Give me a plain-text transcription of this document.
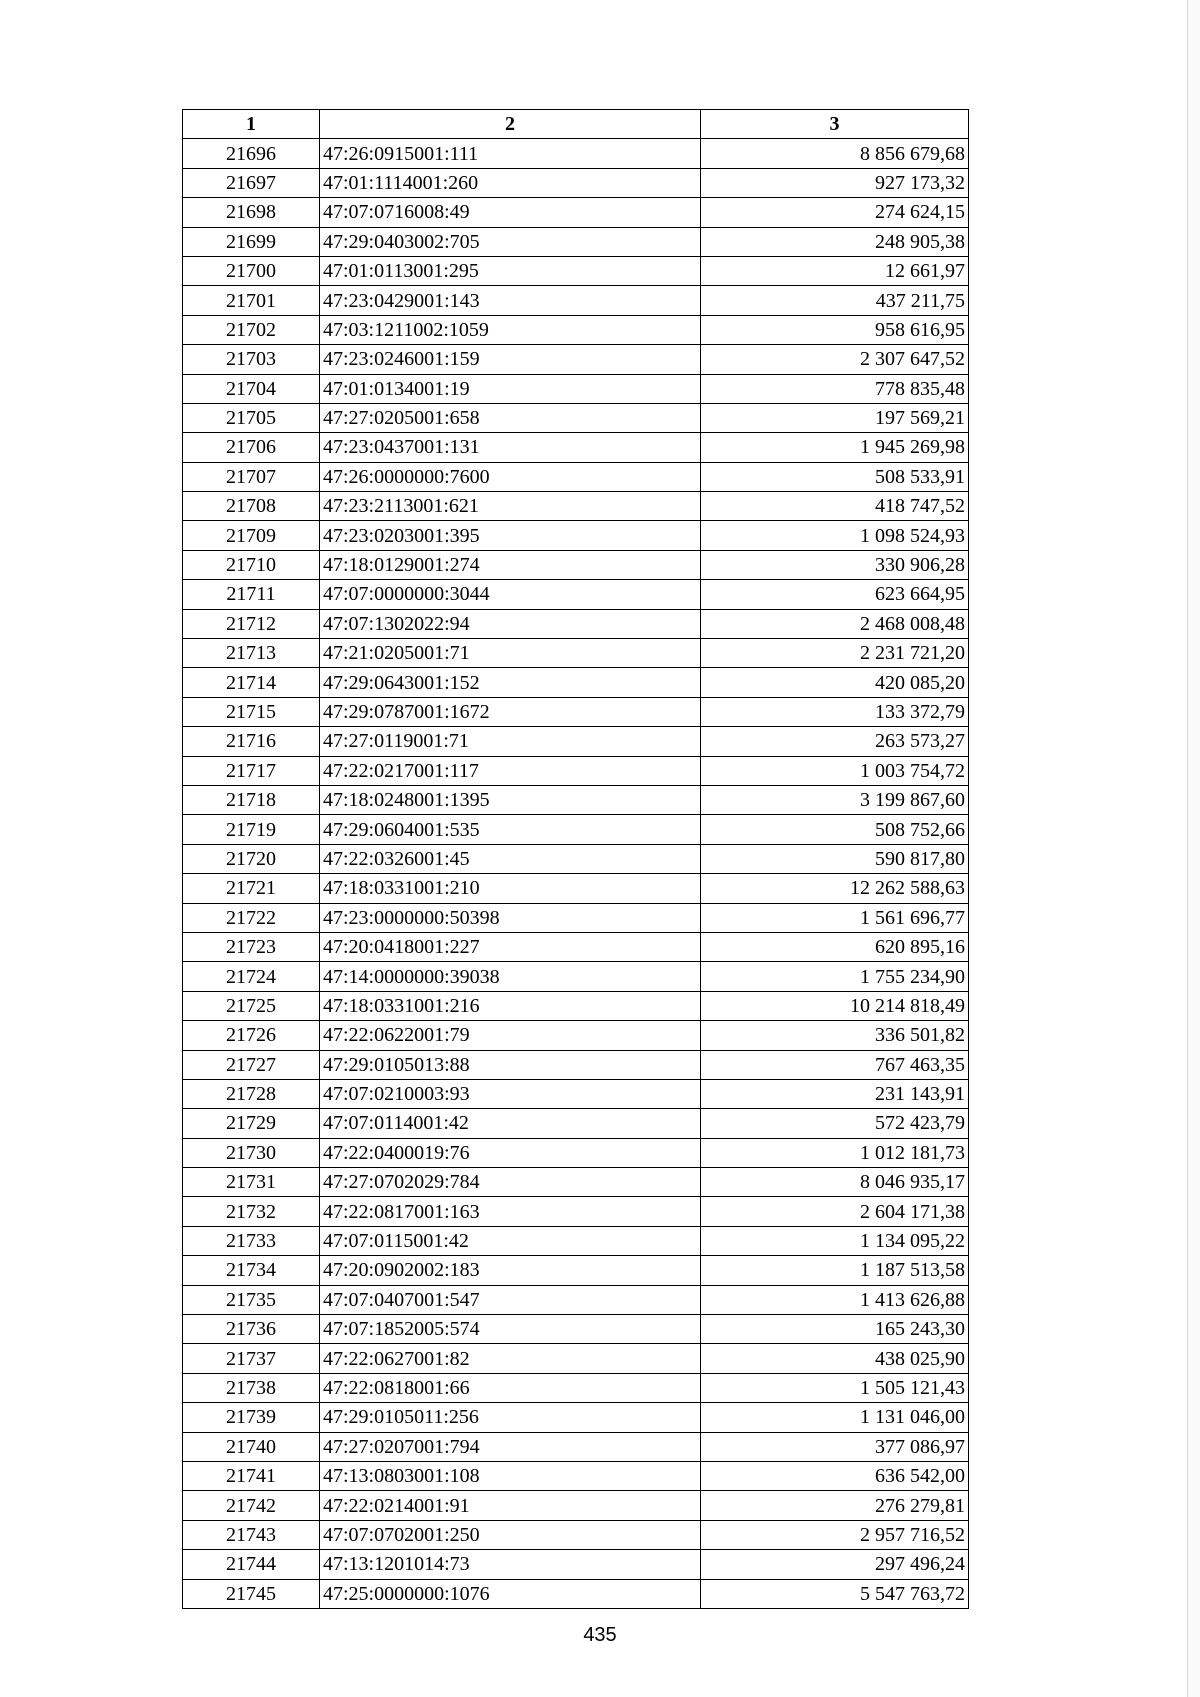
1	2	3
21696	47:26:0915001:111	8 856 679,68
21697	47:01:1114001:260	927 173,32
21698	47:07:0716008:49	274 624,15
21699	47:29:0403002:705	248 905,38
21700	47:01:0113001:295	12 661,97
21701	47:23:0429001:143	437 211,75
21702	47:03:1211002:1059	958 616,95
21703	47:23:0246001:159	2 307 647,52
21704	47:01:0134001:19	778 835,48
21705	47:27:0205001:658	197 569,21
21706	47:23:0437001:131	1 945 269,98
21707	47:26:0000000:7600	508 533,91
21708	47:23:2113001:621	418 747,52
21709	47:23:0203001:395	1 098 524,93
21710	47:18:0129001:274	330 906,28
21711	47:07:0000000:3044	623 664,95
21712	47:07:1302022:94	2 468 008,48
21713	47:21:0205001:71	2 231 721,20
21714	47:29:0643001:152	420 085,20
21715	47:29:0787001:1672	133 372,79
21716	47:27:0119001:71	263 573,27
21717	47:22:0217001:117	1 003 754,72
21718	47:18:0248001:1395	3 199 867,60
21719	47:29:0604001:535	508 752,66
21720	47:22:0326001:45	590 817,80
21721	47:18:0331001:210	12 262 588,63
21722	47:23:0000000:50398	1 561 696,77
21723	47:20:0418001:227	620 895,16
21724	47:14:0000000:39038	1 755 234,90
21725	47:18:0331001:216	10 214 818,49
21726	47:22:0622001:79	336 501,82
21727	47:29:0105013:88	767 463,35
21728	47:07:0210003:93	231 143,91
21729	47:07:0114001:42	572 423,79
21730	47:22:0400019:76	1 012 181,73
21731	47:27:0702029:784	8 046 935,17
21732	47:22:0817001:163	2 604 171,38
21733	47:07:0115001:42	1 134 095,22
21734	47:20:0902002:183	1 187 513,58
21735	47:07:0407001:547	1 413 626,88
21736	47:07:1852005:574	165 243,30
21737	47:22:0627001:82	438 025,90
21738	47:22:0818001:66	1 505 121,43
21739	47:29:0105011:256	1 131 046,00
21740	47:27:0207001:794	377 086,97
21741	47:13:0803001:108	636 542,00
21742	47:22:0214001:91	276 279,81
21743	47:07:0702001:250	2 957 716,52
21744	47:13:1201014:73	297 496,24
21745	47:25:0000000:1076	5 547 763,72
435
